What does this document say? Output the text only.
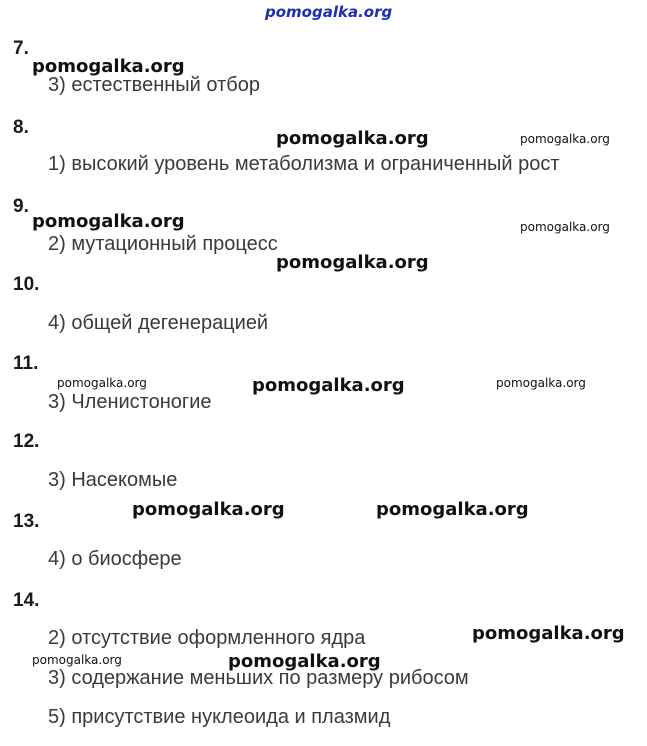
pomogalka.org
7.
3) естественный отбор
8.
1) высокий уровень метаболизма и ограниченный рост
9.
2) мутационный процесс
10.
4) общей дегенерацией
11.
3) Членистоногие
12.
3) Насекомые
13.
4) о биосфере
14.
2) отсутствие оформленного ядра
3) содержание меньших по размеру рибосом
5) присутствие нуклеоида и плазмид
pomogalka.org
pomogalka.org	pomogalka.org
pomogalka.org	pomogalka.org
pomogalka.org
pomogalka.org	pomogalka.org	pomogalka.org
pomogalka.org	pomogalka.org
pomogalka.org
pomogalka.org	pomogalka.org
